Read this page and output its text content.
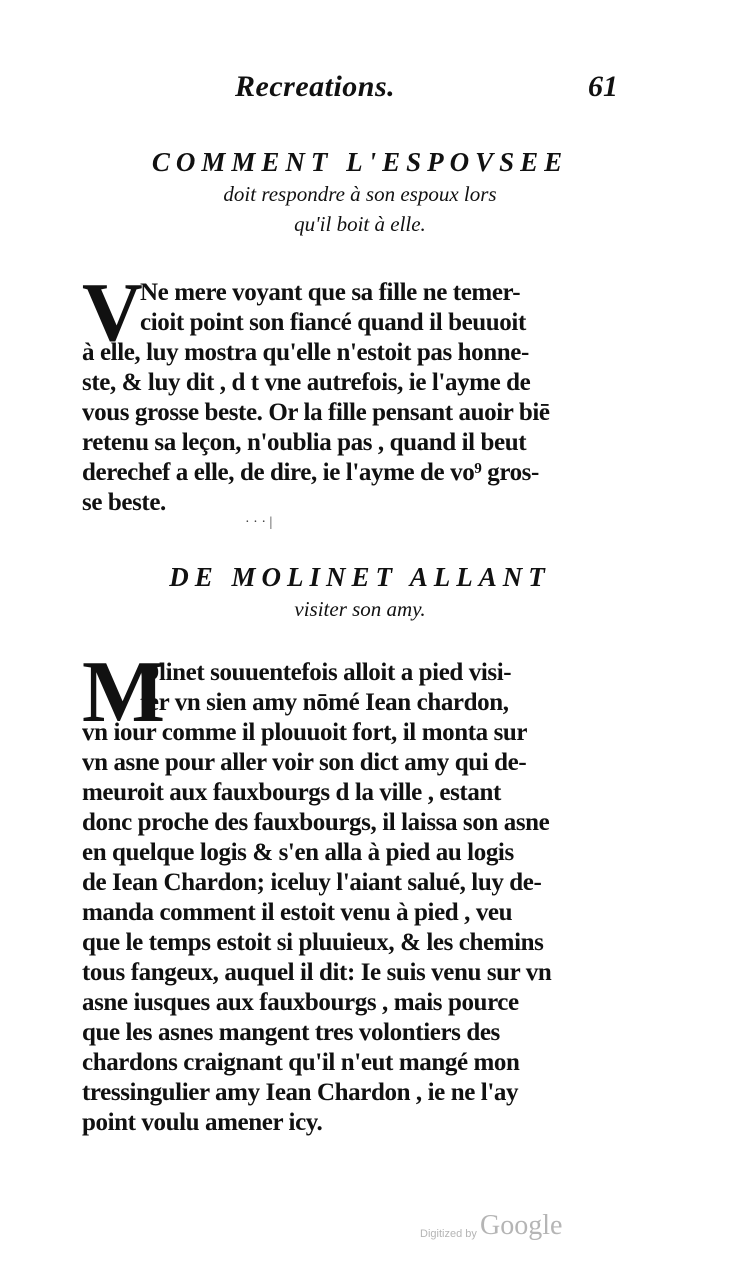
Recreations.	61
COMMENT L'ESPOVSEE
doit respondre à son espoux lors
qu'il boit à elle.
V
Ne mere voyant que sa fille ne temer-
cioit point son fiancé quand il beuuoit
à elle, luy mostra qu'elle n'estoit pas honne-
ste, & luy dit , d t vne autrefois, ie l'ayme de
vous grosse beste. Or la fille pensant auoir biē
retenu sa leçon, n'oublia pas , quand il beut
derechef a elle, de dire, ie l'ayme de vo⁹ gros-
se beste.
· · · |
DE MOLINET ALLANT
visiter son amy.
M
Olinet souuentefois alloit a pied visi-
ter vn sien amy nōmé Iean chardon,
vn iour comme il plouuoit fort, il monta sur
vn asne pour aller voir son dict amy qui de-
meuroit aux fauxbourgs d la ville , estant
donc proche des fauxbourgs, il laissa son asne
en quelque logis & s'en alla à pied au logis
de Iean Chardon; iceluy l'aiant salué, luy de-
manda comment il estoit venu à pied , veu
que le temps estoit si pluuieux, & les chemins
tous fangeux, auquel il dit: Ie suis venu sur vn
asne iusques aux fauxbourgs , mais pource
que les asnes mangent tres volontiers des
chardons craignant qu'il n'eut mangé mon
tressingulier amy Iean Chardon , ie ne l'ay
point voulu amener icy.
Digitized by Google
